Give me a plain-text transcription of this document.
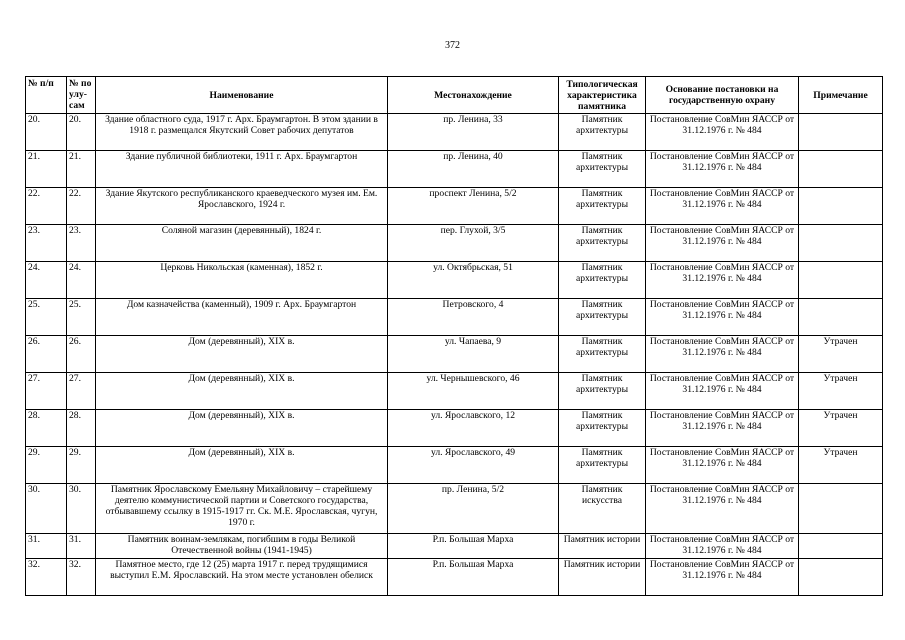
372
№ п/п	№ по улу-сам	Наименование	Местонахождение	Типологическая характеристика памятника	Основание постановки на государственную охрану	Примечание
20.	20.	Здание областного суда, 1917 г. Арх. Браумгартон. В этом здании в 1918 г. размещался Якутский Совет рабочих депутатов	пр. Ленина, 33	Памятник архитектуры	Постановление СовМин ЯАССР от 31.12.1976 г. № 484	
21.	21.	Здание публичной библиотеки, 1911 г. Арх. Браумгартон	пр. Ленина, 40	Памятник архитектуры	Постановление СовМин ЯАССР от 31.12.1976 г. № 484	
22.	22.	Здание Якутского республиканского краеведческого музея им. Ем. Ярославского, 1924 г.	проспект Ленина, 5/2	Памятник архитектуры	Постановление СовМин ЯАССР от 31.12.1976 г. № 484	
23.	23.	Соляной магазин (деревянный), 1824 г.	пер. Глухой, 3/5	Памятник архитектуры	Постановление СовМин ЯАССР от 31.12.1976 г. № 484	
24.	24.	Церковь Никольская (каменная), 1852 г.	ул. Октябрьская, 51	Памятник архитектуры	Постановление СовМин ЯАССР от 31.12.1976 г. № 484	
25.	25.	Дом казначейства (каменный), 1909 г. Арх. Браумгартон	Петровского, 4	Памятник архитектуры	Постановление СовМин ЯАССР от 31.12.1976 г. № 484	
26.	26.	Дом (деревянный), XIX в.	ул. Чапаева, 9	Памятник архитектуры	Постановление СовМин ЯАССР от 31.12.1976 г. № 484	Утрачен
27.	27.	Дом (деревянный), XIX в.	ул. Чернышевского, 46	Памятник архитектуры	Постановление СовМин ЯАССР от 31.12.1976 г. № 484	Утрачен
28.	28.	Дом (деревянный), XIX в.	ул. Ярославского, 12	Памятник архитектуры	Постановление СовМин ЯАССР от 31.12.1976 г. № 484	Утрачен
29.	29.	Дом (деревянный), XIX в.	ул. Ярославского, 49	Памятник архитектуры	Постановление СовМин ЯАССР от 31.12.1976 г. № 484	Утрачен
30.	30.	Памятник Ярославскому Емельяну Михайловичу – старейшему деятелю коммунистической партии и Советского государства, отбывавшему ссылку в 1915-1917 гг. Ск. М.Е. Ярославская, чугун, 1970 г.	пр. Ленина, 5/2	Памятник искусства	Постановление СовМин ЯАССР от 31.12.1976 г. № 484	
31.	31.	Памятник воинам-землякам, погибшим в годы Великой Отечественной войны (1941-1945)	Р.п. Большая Марха	Памятник истории	Постановление СовМин ЯАССР от 31.12.1976 г. № 484	
32.	32.	Памятное место, где 12 (25) марта 1917 г. перед трудящимися выступил Е.М. Ярославский. На этом месте установлен обелиск	Р.п. Большая Марха	Памятник истории	Постановление СовМин ЯАССР от 31.12.1976 г. № 484	
